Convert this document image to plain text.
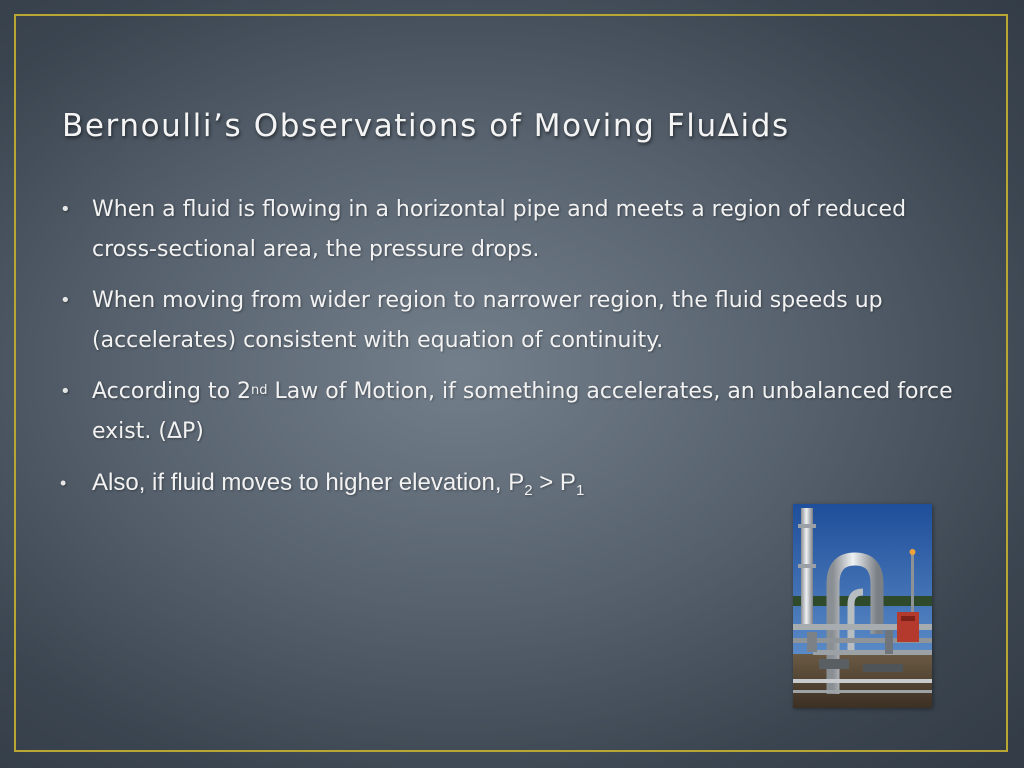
Bernoulli’s Observations of Moving FluΔids
• When a fluid is flowing in a horizontal pipe and meets a region of reduced cross-sectional area, the pressure drops.
• When moving from wider region to narrower region, the fluid speeds up (accelerates) consistent with equation of continuity.
• According to 2nd Law of Motion, if something accelerates, an unbalanced force exist. (ΔP)
• Also, if fluid moves to higher elevation, $P_2 > P_1$
